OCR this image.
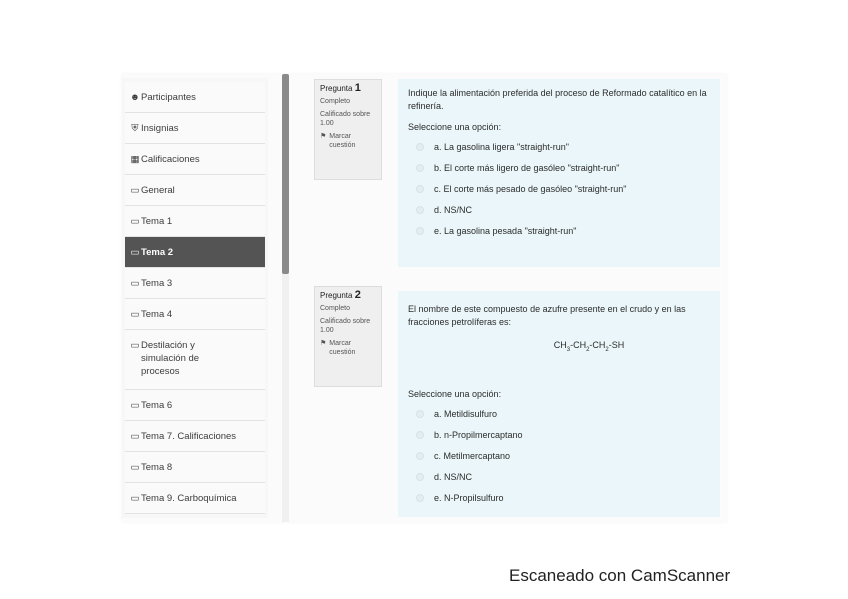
☻ Participantes
⛨ Insignias
▦ Calificaciones
▭ General
▭ Tema 1
▭ Tema 2
▭ Tema 3
▭ Tema 4
▭ Destilación y simulación de procesos
▭ Tema 6
▭ Tema 7. Calificaciones
▭ Tema 8
▭ Tema 9. Carboquímica
Pregunta 1
Completo
Calificado sobre 1.00
⚑ Marcar cuestión
Indique la alimentación preferida del proceso de Reformado catalítico en la refinería.
Seleccione una opción:
a. La gasolina ligera "straight-run"
b. El corte más ligero de gasóleo "straight-run"
c. El corte más pesado de gasóleo "straight-run"
d. NS/NC
e. La gasolina pesada "straight-run"
Pregunta 2
Completo
Calificado sobre 1.00
⚑ Marcar cuestión
El nombre de este compuesto de azufre presente en el crudo y en las fracciones petrolíferas es:
$CH_3-CH_2-CH_2-SH$
Seleccione una opción:
a. Metildisulfuro
b. n-Propilmercaptano
c. Metilmercaptano
d. NS/NC
e. N-Propilsulfuro
Escaneado con CamScanner
